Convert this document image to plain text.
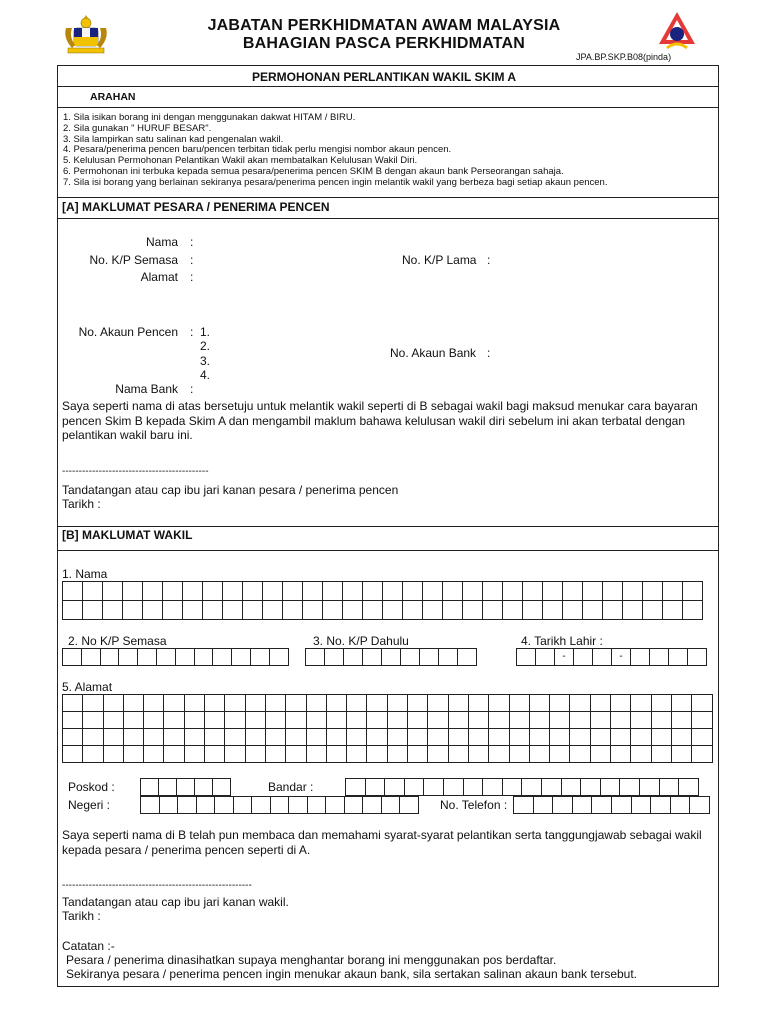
JABATAN PERKHIDMATAN AWAM MALAYSIA
BAHAGIAN PASCA PERKHIDMATAN
JPA.BP.SKP.B08(pinda)
PERMOHONAN PERLANTIKAN WAKIL SKIM A
ARAHAN
1. Sila isikan borang ini dengan menggunakan dakwat HITAM / BIRU.
2. Sila gunakan " HURUF BESAR".
3. Sila lampirkan satu salinan kad pengenalan wakil.
4. Pesara/penerima pencen baru/pencen terbitan tidak perlu mengisi nombor akaun pencen.
5. Kelulusan Permohonan Pelantikan Wakil akan membatalkan Kelulusan Wakil Diri.
6. Permohonan ini terbuka kepada semua pesara/penerima pencen SKIM B dengan akaun bank Perseorangan sahaja.
7. Sila isi borang yang berlainan sekiranya pesara/penerima pencen ingin melantik wakil yang berbeza bagi setiap akaun pencen.
[A] MAKLUMAT PESARA / PENERIMA PENCEN
Nama :
No. K/P Semasa :	No. K/P Lama :
Alamat :
No. Akaun Pencen : 1.
2.
3.
4.
No. Akaun Bank :
Nama Bank :
Saya seperti nama di atas bersetuju untuk melantik wakil seperti di B sebagai wakil bagi maksud menukar cara bayaran pencen Skim B kepada Skim A dan mengambil maklum bahawa kelulusan wakil diri sebelum ini akan terbatal dengan pelantikan wakil baru ini.
--------------------------------------------
Tandatangan atau cap ibu jari kanan pesara / penerima pencen
Tarikh :
[B] MAKLUMAT WAKIL
1. Nama
2. No K/P Semasa	3. No. K/P Dahulu	4. Tarikh Lahir :
-	-
5. Alamat
Poskod :	Bandar :
Negeri :	No. Telefon :
Saya seperti nama di B telah pun membaca dan memahami syarat-syarat pelantikan serta tanggungjawab sebagai wakil kepada pesara / penerima pencen seperti di A.
---------------------------------------------------------
Tandatangan atau cap ibu jari kanan wakil.
Tarikh :
Catatan :-
Pesara / penerima dinasihatkan supaya menghantar borang ini menggunakan pos berdaftar.
Sekiranya pesara / penerima pencen ingin menukar akaun bank, sila sertakan salinan akaun bank tersebut.
